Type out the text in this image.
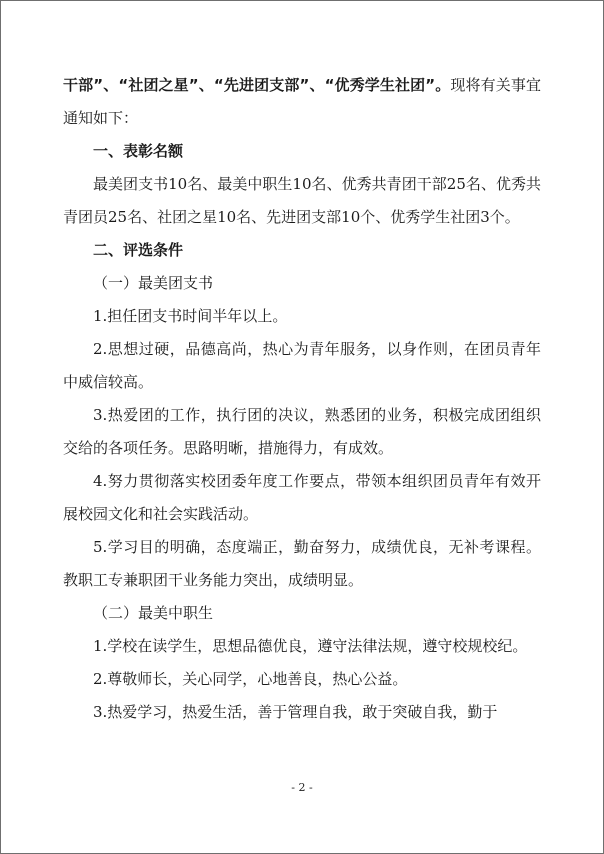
干部”、“社团之星”、“先进团支部”、“优秀学生社团”。现将有关事宜通知如下：

一、表彰名额

最美团支书10名、最美中职生10名、优秀共青团干部25名、优秀共青团员25名、社团之星10名、先进团支部10个、优秀学生社团3个。

二、评选条件

（一）最美团支书

1.担任团支书时间半年以上。

2.思想过硬，品德高尚，热心为青年服务，以身作则，在团员青年中威信较高。

3.热爱团的工作，执行团的决议，熟悉团的业务，积极完成团组织交给的各项任务。思路明晰，措施得力，有成效。

4.努力贯彻落实校团委年度工作要点，带领本组织团员青年有效开展校园文化和社会实践活动。

5.学习目的明确，态度端正，勤奋努力，成绩优良，无补考课程。教职工专兼职团干业务能力突出，成绩明显。

（二）最美中职生

1.学校在读学生，思想品德优良，遵守法律法规，遵守校规校纪。

2.尊敬师长，关心同学，心地善良，热心公益。

3.热爱学习，热爱生活，善于管理自我，敢于突破自我，勤于

- 2 -
